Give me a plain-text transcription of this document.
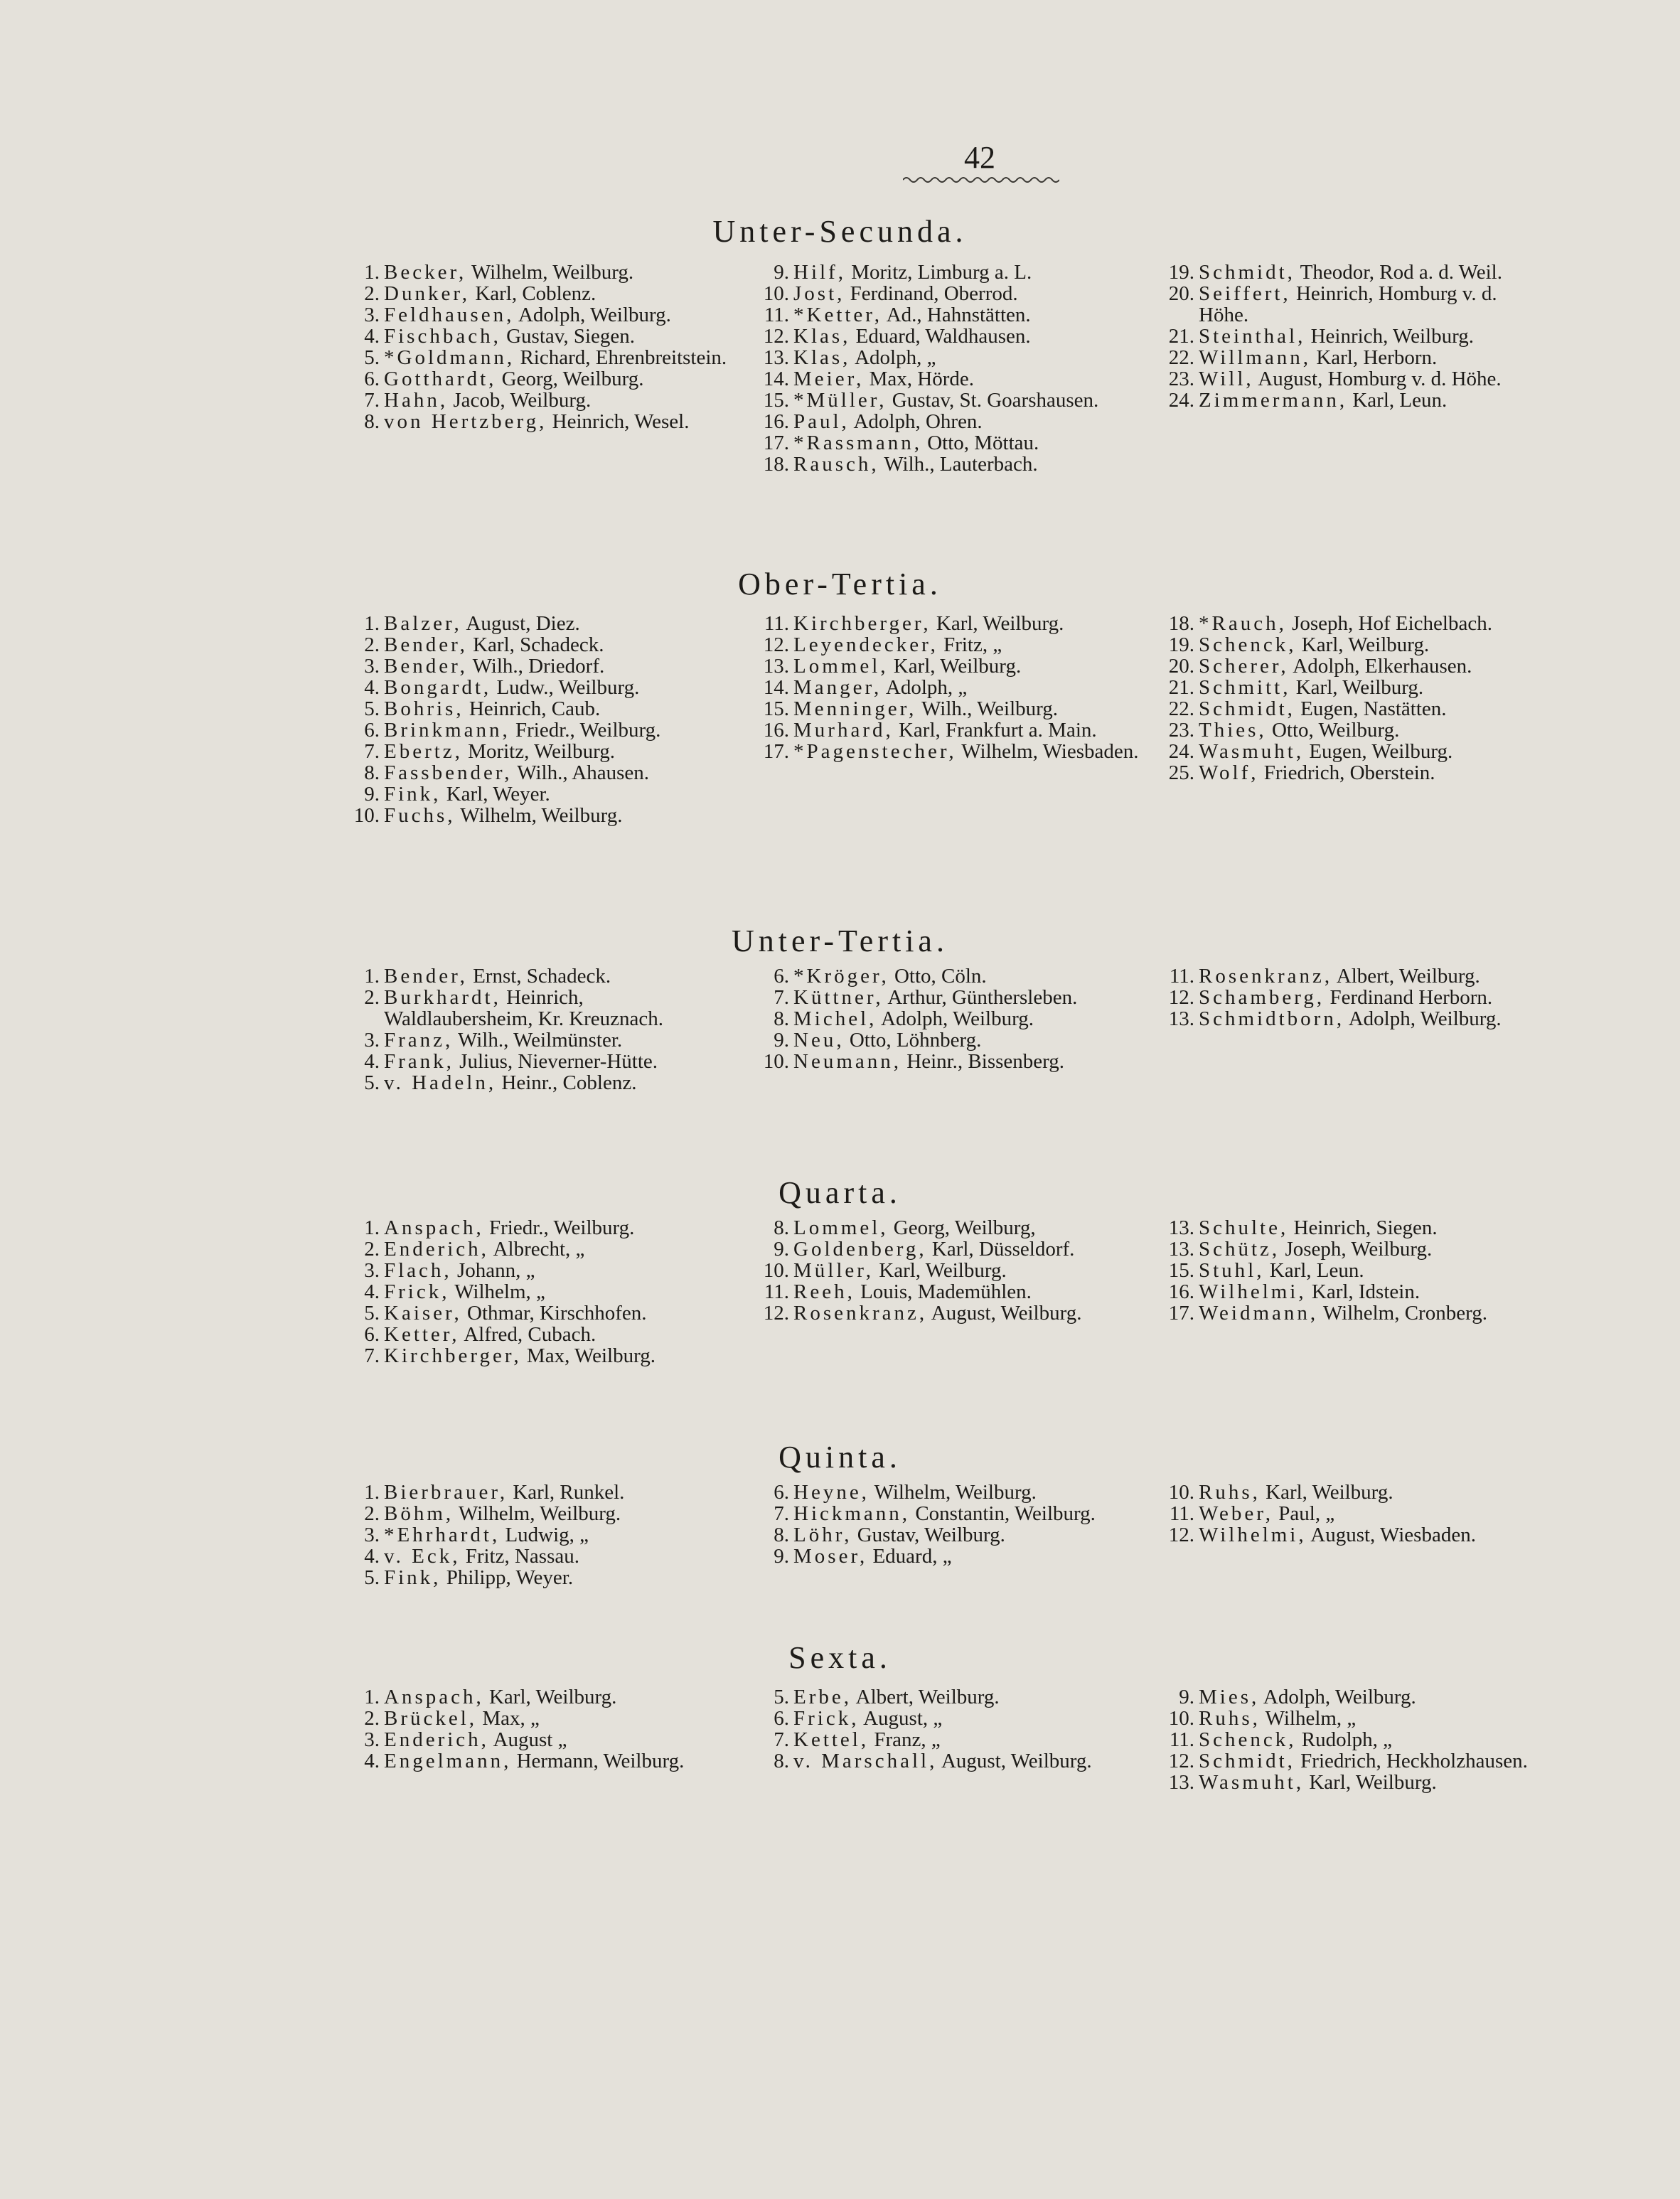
42
Unter-Secunda.
1. Becker, Wilhelm, Weilburg.
2. Dunker, Karl, Coblenz.
3. Feldhausen, Adolph, Weilburg.
4. Fischbach, Gustav, Siegen.
5. *Goldmann, Richard, Ehrenbreitstein.
6. Gotthardt, Georg, Weilburg.
7. Hahn, Jacob, Weilburg.
8. von Hertzberg, Heinrich, Wesel.
9. Hilf, Moritz, Limburg a. L.
10. Jost, Ferdinand, Oberrod.
11. *Ketter, Ad., Hahnstätten.
12. Klas, Eduard, Waldhausen.
13. Klas, Adolph, „
14. Meier, Max, Hörde.
15. *Müller, Gustav, St. Goarshausen.
16. Paul, Adolph, Ohren.
17. *Rassmann, Otto, Möttau.
18. Rausch, Wilh., Lauterbach.
19. Schmidt, Theodor, Rod a. d. Weil.
20. Seiffert, Heinrich, Homburg v. d. Höhe.
21. Steinthal, Heinrich, Weilburg.
22. Willmann, Karl, Herborn.
23. Will, August, Homburg v. d. Höhe.
24. Zimmermann, Karl, Leun.
Ober-Tertia.
1. Balzer, August, Diez.
2. Bender, Karl, Schadeck.
3. Bender, Wilh., Driedorf.
4. Bongardt, Ludw., Weilburg.
5. Bohris, Heinrich, Caub.
6. Brinkmann, Friedr., Weilburg.
7. Ebertz, Moritz, Weilburg.
8. Fassbender, Wilh., Ahausen.
9. Fink, Karl, Weyer.
10. Fuchs, Wilhelm, Weilburg.
11. Kirchberger, Karl, Weilburg.
12. Leyendecker, Fritz, „
13. Lommel, Karl, Weilburg.
14. Manger, Adolph, „
15. Menninger, Wilh., Weilburg.
16. Murhard, Karl, Frankfurt a. Main.
17. *Pagenstecher, Wilhelm, Wiesbaden.
18. *Rauch, Joseph, Hof Eichelbach.
19. Schenck, Karl, Weilburg.
20. Scherer, Adolph, Elkerhausen.
21. Schmitt, Karl, Weilburg.
22. Schmidt, Eugen, Nastätten.
23. Thies, Otto, Weilburg.
24. Wasmuht, Eugen, Weilburg.
25. Wolf, Friedrich, Oberstein.
Unter-Tertia.
1. Bender, Ernst, Schadeck.
2. Burkhardt, Heinrich, Waldlaubersheim, Kr. Kreuznach.
3. Franz, Wilh., Weilmünster.
4. Frank, Julius, Nieverner-Hütte.
5. v. Hadeln, Heinr., Coblenz.
6. *Kröger, Otto, Cöln.
7. Küttner, Arthur, Günthersleben.
8. Michel, Adolph, Weilburg.
9. Neu, Otto, Löhnberg.
10. Neumann, Heinr., Bissenberg.
11. Rosenkranz, Albert, Weilburg.
12. Schamberg, Ferdinand Herborn.
13. Schmidtborn, Adolph, Weilburg.
Quarta.
1. Anspach, Friedr., Weilburg.
2. Enderich, Albrecht, „
3. Flach, Johann, „
4. Frick, Wilhelm, „
5. Kaiser, Othmar, Kirschhofen.
6. Ketter, Alfred, Cubach.
7. Kirchberger, Max, Weilburg.
8. Lommel, Georg, Weilburg,
9. Goldenberg, Karl, Düsseldorf.
10. Müller, Karl, Weilburg.
11. Reeh, Louis, Mademühlen.
12. Rosenkranz, August, Weilburg.
13. Schulte, Heinrich, Siegen.
13. Schütz, Joseph, Weilburg.
15. Stuhl, Karl, Leun.
16. Wilhelmi, Karl, Idstein.
17. Weidmann, Wilhelm, Cronberg.
Quinta.
1. Bierbrauer, Karl, Runkel.
2. Böhm, Wilhelm, Weilburg.
3. *Ehrhardt, Ludwig, „
4. v. Eck, Fritz, Nassau.
5. Fink, Philipp, Weyer.
6. Heyne, Wilhelm, Weilburg.
7. Hickmann, Constantin, Weilburg.
8. Löhr, Gustav, Weilburg.
9. Moser, Eduard, „
10. Ruhs, Karl, Weilburg.
11. Weber, Paul, „
12. Wilhelmi, August, Wiesbaden.
Sexta.
1. Anspach, Karl, Weilburg.
2. Brückel, Max, „
3. Enderich, August „
4. Engelmann, Hermann, Weilburg.
5. Erbe, Albert, Weilburg.
6. Frick, August, „
7. Kettel, Franz, „
8. v. Marschall, August, Weilburg.
9. Mies, Adolph, Weilburg.
10. Ruhs, Wilhelm, „
11. Schenck, Rudolph, „
12. Schmidt, Friedrich, Heckholzhausen.
13. Wasmuht, Karl, Weilburg.
